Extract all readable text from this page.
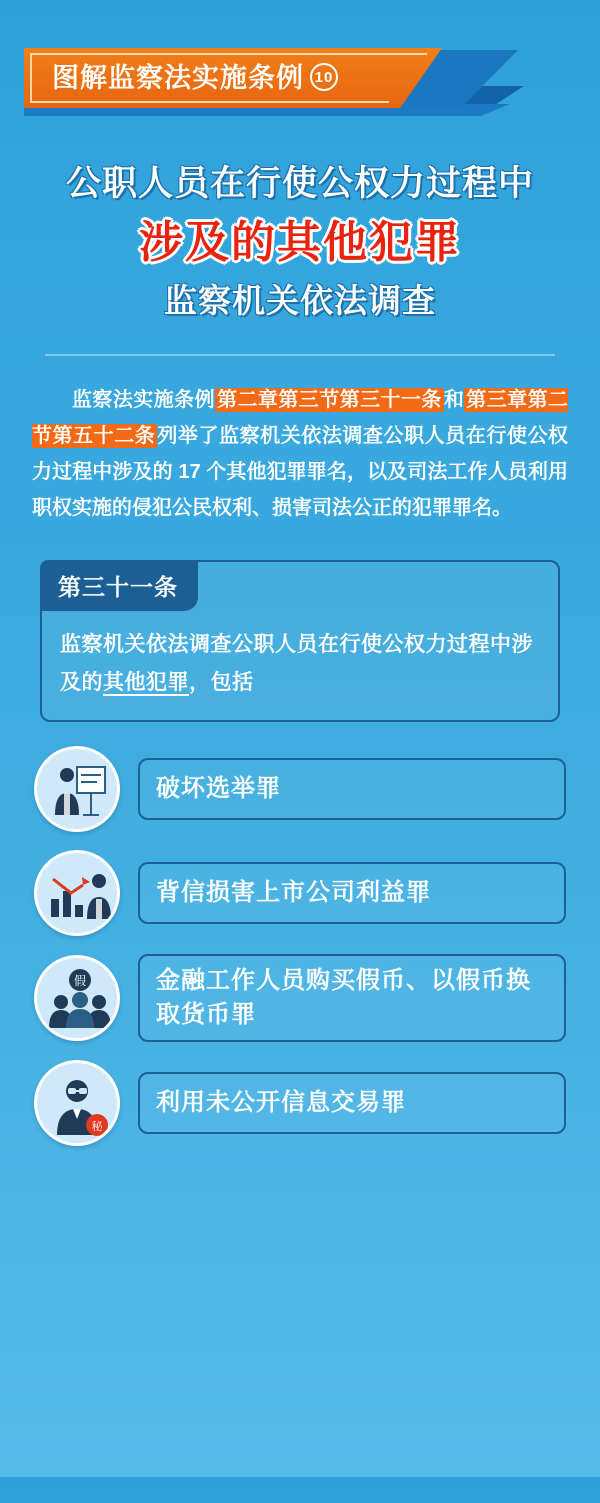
图解监察法实施条例 10
公职人员在行使公权力过程中
涉及的其他犯罪
监察机关依法调查
监察法实施条例 第二章第三节第三十一条 和 第三章第二节第五十二条 列举了监察机关依法调查公职人员在行使公权力过程中涉及的 17 个其他犯罪罪名，以及司法工作人员利用职权实施的侵犯公民权利、损害司法公正的犯罪罪名。
第三十一条
监察机关依法调查公职人员在行使公权力过程中涉及的其他犯罪，包括
破坏选举罪
背信损害上市公司利益罪
假	金融工作人员购买假币、以假币换取货币罪
秘
利用未公开信息交易罪
